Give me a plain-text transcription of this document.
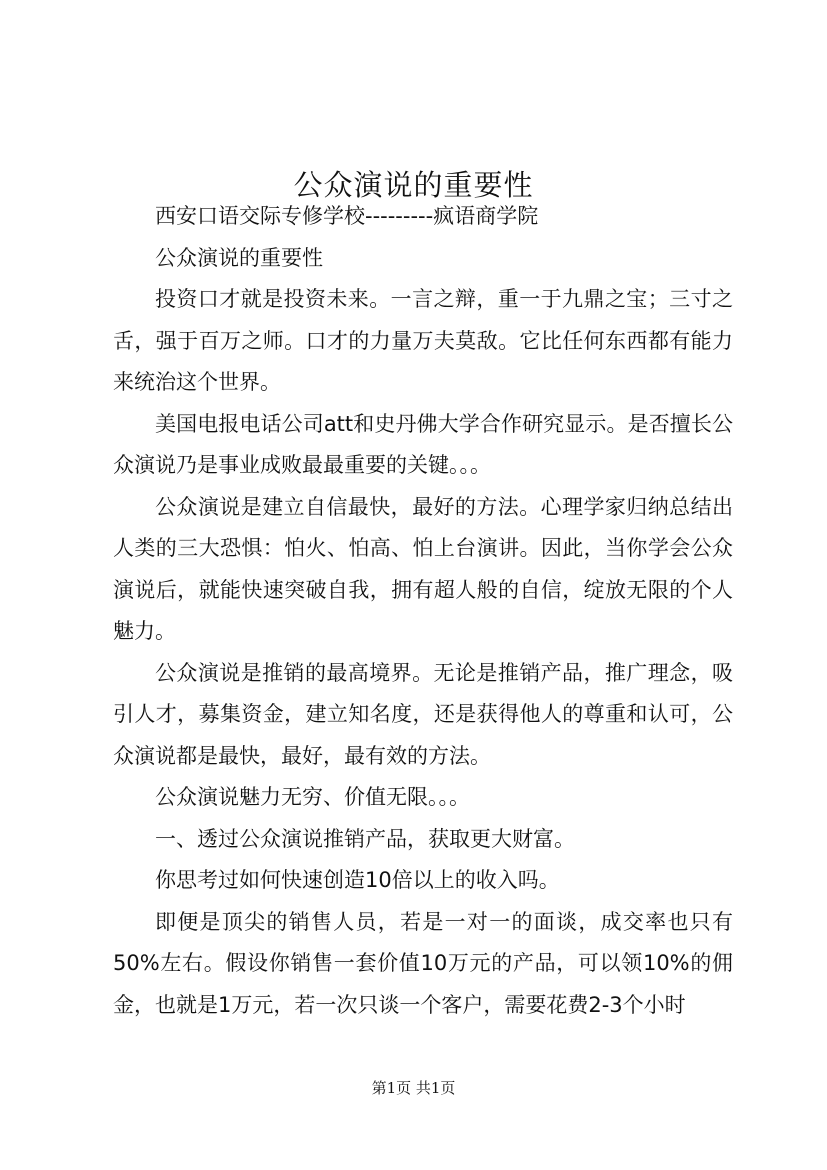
公众演说的重要性

西安口语交际专修学校---------疯语商学院

公众演说的重要性

投资口才就是投资未来。一言之辩，重一于九鼎之宝；三寸之舌，强于百万之师。口才的力量万夫莫敌。它比任何东西都有能力来统治这个世界。

美国电报电话公司att和史丹佛大学合作研究显示。是否擅长公众演说乃是事业成败最最重要的关键。。。

公众演说是建立自信最快，最好的方法。心理学家归纳总结出人类的三大恐惧：怕火、怕高、怕上台演讲。因此，当你学会公众演说后，就能快速突破自我，拥有超人般的自信，绽放无限的个人魅力。

公众演说是推销的最高境界。无论是推销产品，推广理念，吸引人才，募集资金，建立知名度，还是获得他人的尊重和认可，公众演说都是最快，最好，最有效的方法。

公众演说魅力无穷、价值无限。。。

一、透过公众演说推销产品，获取更大财富。

你思考过如何快速创造10倍以上的收入吗。

即便是顶尖的销售人员，若是一对一的面谈，成交率也只有50%左右。假设你销售一套价值10万元的产品，可以领10%的佣金，也就是1万元，若一次只谈一个客户，需要花费2-3个小时

第1页 共1页
